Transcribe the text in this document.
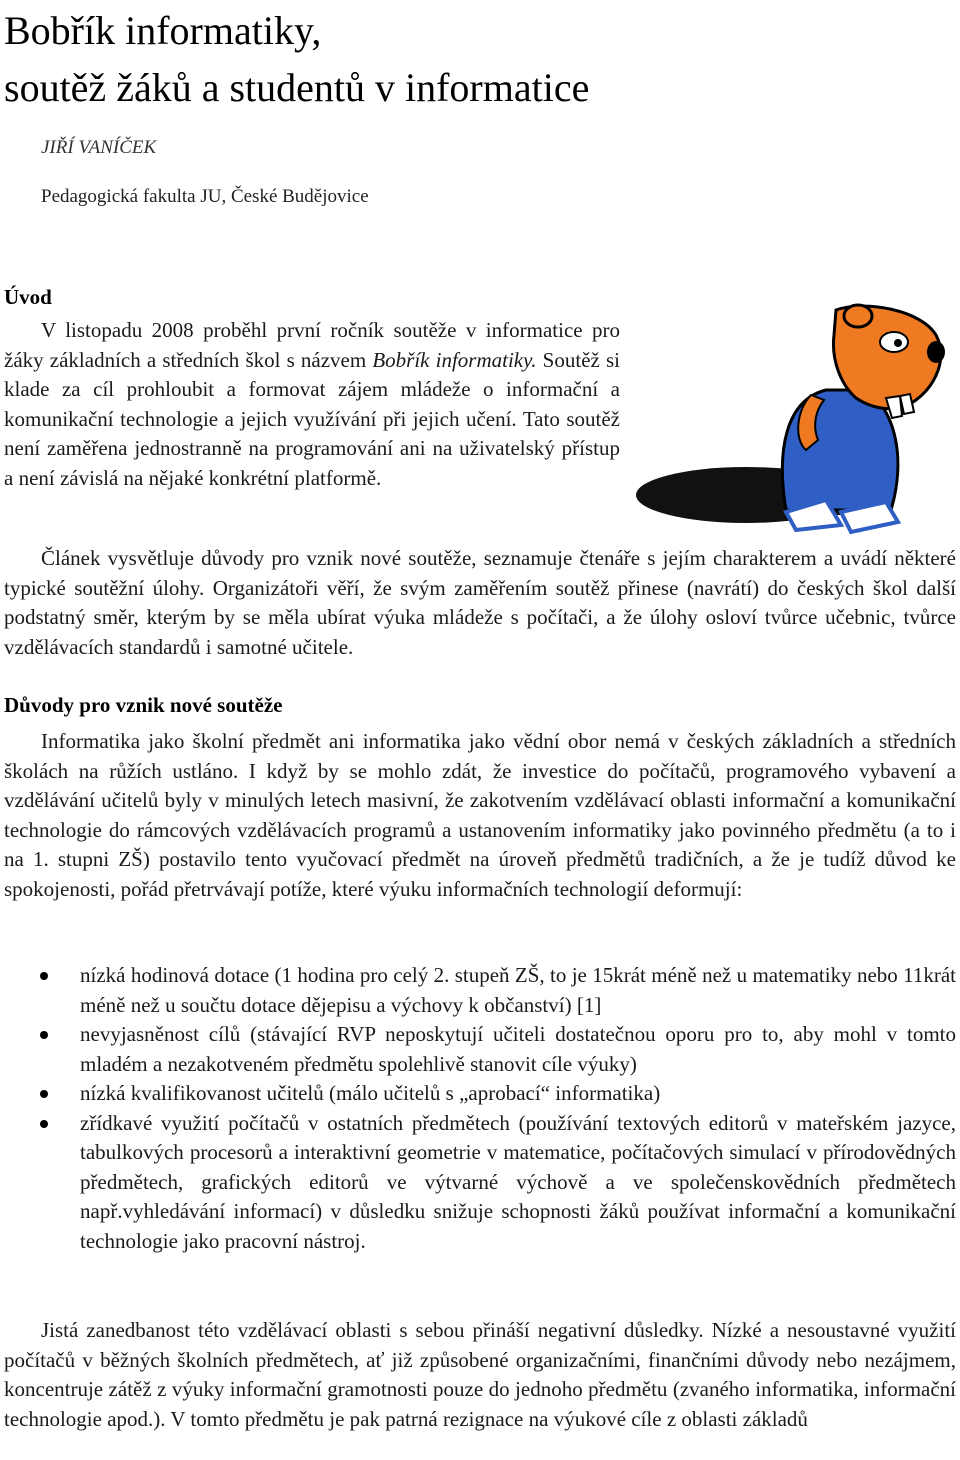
Bobřík informatiky,
soutěž žáků a studentů v informatice
JIŘÍ VANÍČEK
Pedagogická fakulta JU, České Budějovice
Úvod

V listopadu 2008 proběhl první ročník soutěže v informatice pro žáky základních a středních škol s názvem Bobřík informatiky. Soutěž si klade za cíl prohloubit a formovat zájem mládeže o informační a komunikační technologie a jejich využívání při jejich učení. Tato soutěž není zaměřena jednostranně na programování ani na uživatelský přístup a není závislá na nějaké konkrétní platformě.

Článek vysvětluje důvody pro vznik nové soutěže, seznamuje čtenáře s jejím charakterem a uvádí některé typické soutěžní úlohy. Organizátoři věří, že svým zaměřením soutěž přinese (navrátí) do českých škol další podstatný směr, kterým by se měla ubírat výuka mládeže s počítači, a že úlohy osloví tvůrce učebnic, tvůrce vzdělávacích standardů i samotné učitele.

Důvody pro vznik nové soutěže

Informatika jako školní předmět ani informatika jako vědní obor nemá v českých základních a středních školách na růžích ustláno. I když by se mohlo zdát, že investice do počítačů, programového vybavení a vzdělávání učitelů byly v minulých letech masivní, že zakotvením vzdělávací oblasti informační a komunikační technologie do rámcových vzdělávacích programů a ustanovením informatiky jako povinného předmětu (a to i na 1. stupni ZŠ) postavilo tento vyučovací předmět na úroveň předmětů tradičních, a že je tudíž důvod ke spokojenosti, pořád přetrvávají potíže, které výuku informačních technologií deformují:

nízká hodinová dotace (1 hodina pro celý 2. stupeň ZŠ, to je 15krát méně než u matematiky nebo 11krát méně než u součtu dotace dějepisu a výchovy k občanství) [1]
nevyjasněnost cílů (stávající RVP neposkytují učiteli dostatečnou oporu pro to, aby mohl v tomto mladém a nezakotveném předmětu spolehlivě stanovit cíle výuky)
nízká kvalifikovanost učitelů (málo učitelů s „aprobací“ informatika)
zřídkavé využití počítačů v ostatních předmětech (používání textových editorů v mateřském jazyce, tabulkových procesorů a interaktivní geometrie v matematice, počítačových simulací v přírodovědných předmětech, grafických editorů ve výtvarné výchově a ve společenskovědních předmětech např.vyhledávání informací) v důsledku snižuje schopnosti žáků používat informační a komunikační technologie jako pracovní nástroj.

Jistá zanedbanost této vzdělávací oblasti s sebou přináší negativní důsledky. Nízké a nesoustavné využití počítačů v běžných školních předmětech, ať již způsobené organizačními, finančními důvody nebo nezájmem, koncentruje zátěž z výuky informační gramotnosti pouze do jednoho předmětu (zvaného informatika, informační technologie apod.). V tomto předmětu je pak patrná rezignace na výukové cíle z oblasti základů
